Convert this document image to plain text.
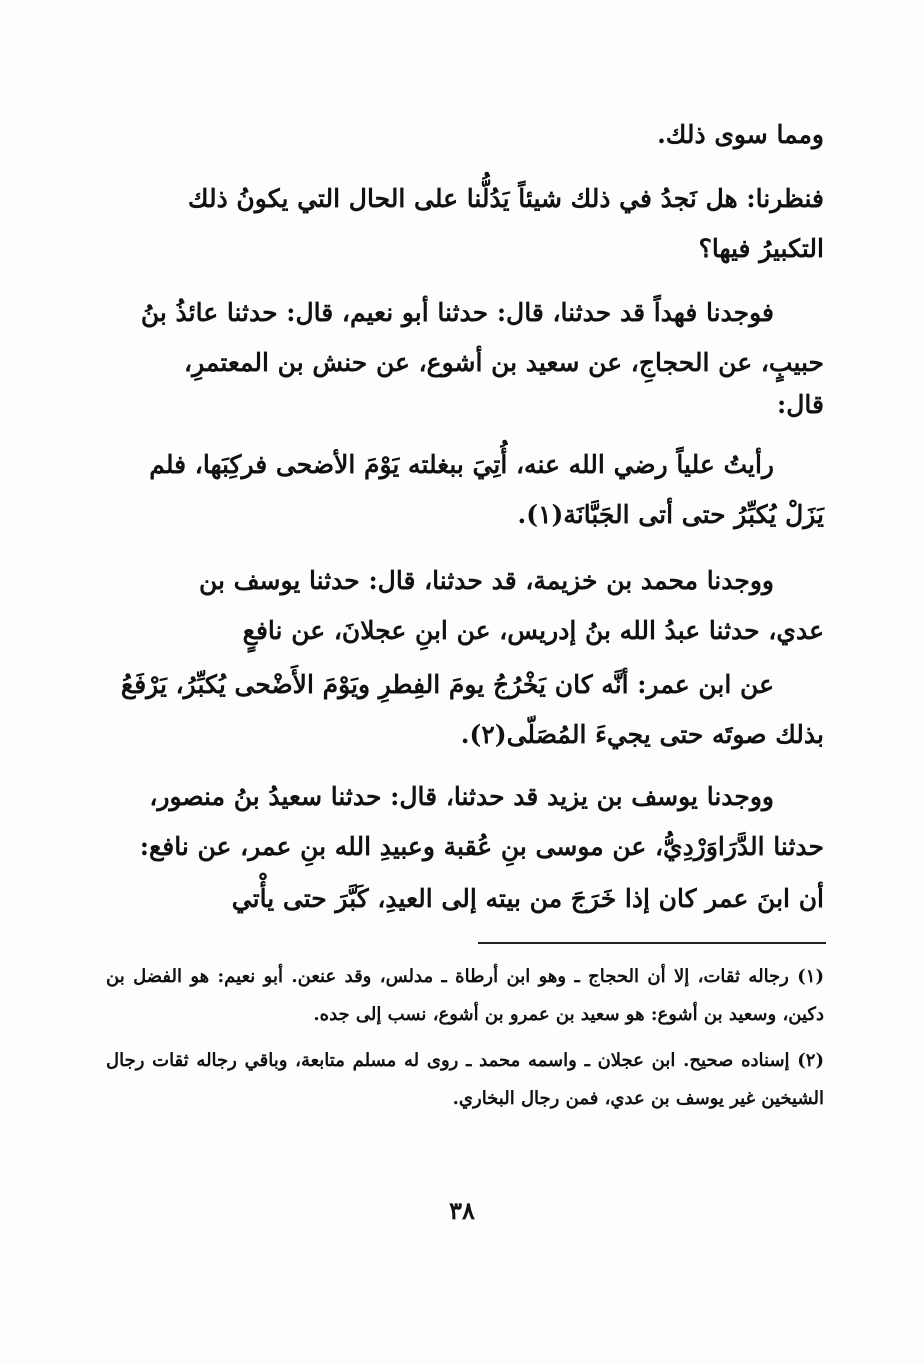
ومما سوى ذلك.

فنظرنا: هل نَجدُ في ذلك شيئاً يَدُلُّنا على الحال التي يكونُ ذلك

التكبيرُ فيها؟

فوجدنا فهداً قد حدثنا، قال: حدثنا أبو نعيم، قال: حدثنا عائذُ بنُ

حبيبٍ، عن الحجاجِ، عن سعيد بن أشوع، عن حنش بن المعتمرِ،

قال:

رأيتُ علياً رضي الله عنه، أُتِيَ ببغلته يَوْمَ الأضحى فركِبَها، فلم

يَزَلْ يُكبِّرُ حتى أتى الجَبَّانَة(١).

ووجدنا محمد بن خزيمة، قد حدثنا، قال: حدثنا يوسف بن

عدي، حدثنا عبدُ الله بنُ إدريس، عن ابنِ عجلانَ، عن نافعٍ

عن ابن عمر: أنَّه كان يَخْرُجُ يومَ الفِطرِ ويَوْمَ الأَضْحى يُكبِّرُ، يَرْفَعُ

بذلك صوتَه حتى يجيءَ المُصَلّى(٢).

ووجدنا يوسف بن يزيد قد حدثنا، قال: حدثنا سعيدُ بنُ منصور،

حدثنا الدَّرَاوَرْدِيُّ، عن موسى بنِ عُقبة وعبيدِ الله بنِ عمر، عن نافع:

أن ابنَ عمر كان إذا خَرَجَ من بيته إلى العيدِ، كَبَّرَ حتى يأْتي

(١) رجاله ثقات، إلا أن الحجاج ـ وهو ابن أرطاة ـ مدلس، وقد عنعن. أبو نعيم: هو الفضل بن دكين، وسعيد بن أشوع: هو سعيد بن عمرو بن أشوع، نسب إلى جده.

(٢) إسناده صحيح. ابن عجلان ـ واسمه محمد ـ روى له مسلم متابعة، وباقي رجاله ثقات رجال الشيخين غير يوسف بن عدي، فمن رجال البخاري.

٣٨
